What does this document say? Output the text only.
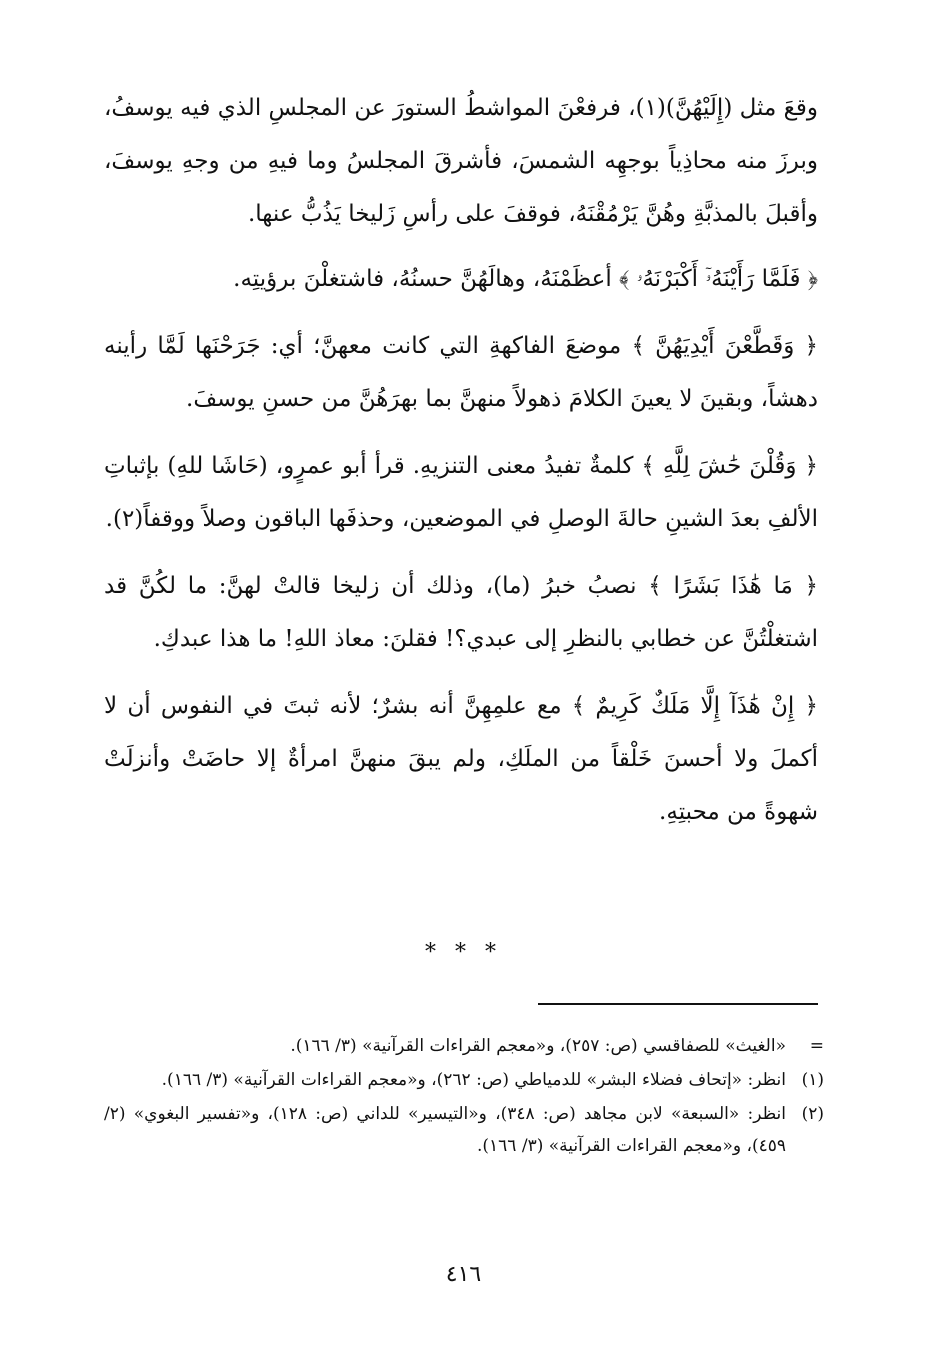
وقعَ مثل (إِلَيْهُنَّ)(١)، فرفعْنَ المواشطُ الستورَ عن المجلسِ الذي فيه يوسفُ، وبرزَ منه محاذِياً بوجهِه الشمسَ، فأشرقَ المجلسُ وما فيهِ من وجهِ يوسفَ، وأقبلَ بالمذبَّةِ وهُنَّ يَرْمُقْنَهُ، فوقفَ على رأسِ زَليخا يَذُبُّ عنها.

﴿ فَلَمَّا رَأَيْنَهُۥٓ أَكْبَرْنَهُۥ ﴾ أعظَمْنَهُ، وهالَهُنَّ حسنُهُ، فاشتغلْنَ برؤيتِه.

﴿ وَقَطَّعْنَ أَيْدِيَهُنَّ ﴾ موضعَ الفاكهةِ التي كانت معهنَّ؛ أي: جَرَحْنَها لَمَّا رأينه دهشاً، وبقينَ لا يعينَ الكلامَ ذهولاً منهنَّ بما بهرَهُنَّ من حسنِ يوسفَ.

﴿ وَقُلْنَ حَٰشَ لِلَّهِ ﴾ كلمةٌ تفيدُ معنى التنزيهِ. قرأ أبو عمرٍو، (حَاشَا للهِ) بإثباتِ الألفِ بعدَ الشينِ حالةَ الوصلِ في الموضعين، وحذفَها الباقون وصلاً ووقفاً(٢).

﴿ مَا هَٰذَا بَشَرًا ﴾ نصبُ خبرُ (ما)، وذلك أن زليخا قالتْ لهنَّ: ما لكُنَّ قد اشتغلْتُنَّ عن خطابي بالنظرِ إلى عبدي؟! فقلنَ: معاذ اللهِ! ما هذا عبدكِ.

﴿ إِنْ هَٰذَآ إِلَّا مَلَكٌ كَرِيمٌ ﴾ مع علمِهِنَّ أنه بشرٌ؛ لأنه ثبتَ في النفوس أن لا أكملَ ولا أحسنَ خَلْقاً من الملَكِ، ولم يبقَ منهنَّ امرأةٌ إلا حاضَتْ وأنزلَتْ شهوةً من محبتِهِ.

* * *
=
«الغيث» للصفاقسي (ص: ٢٥٧)، و«معجم القراءات القرآنية» (٣/ ١٦٦).
(١)
انظر: «إتحاف فضلاء البشر» للدمياطي (ص: ٢٦٢)، و«معجم القراءات القرآنية» (٣/ ١٦٦).
(٢)
انظر: «السبعة» لابن مجاهد (ص: ٣٤٨)، و«التيسير» للداني (ص: ١٢٨)، و«تفسير البغوي» (٢/ ٤٥٩)، و«معجم القراءات القرآنية» (٣/ ١٦٦).
٤١٦
